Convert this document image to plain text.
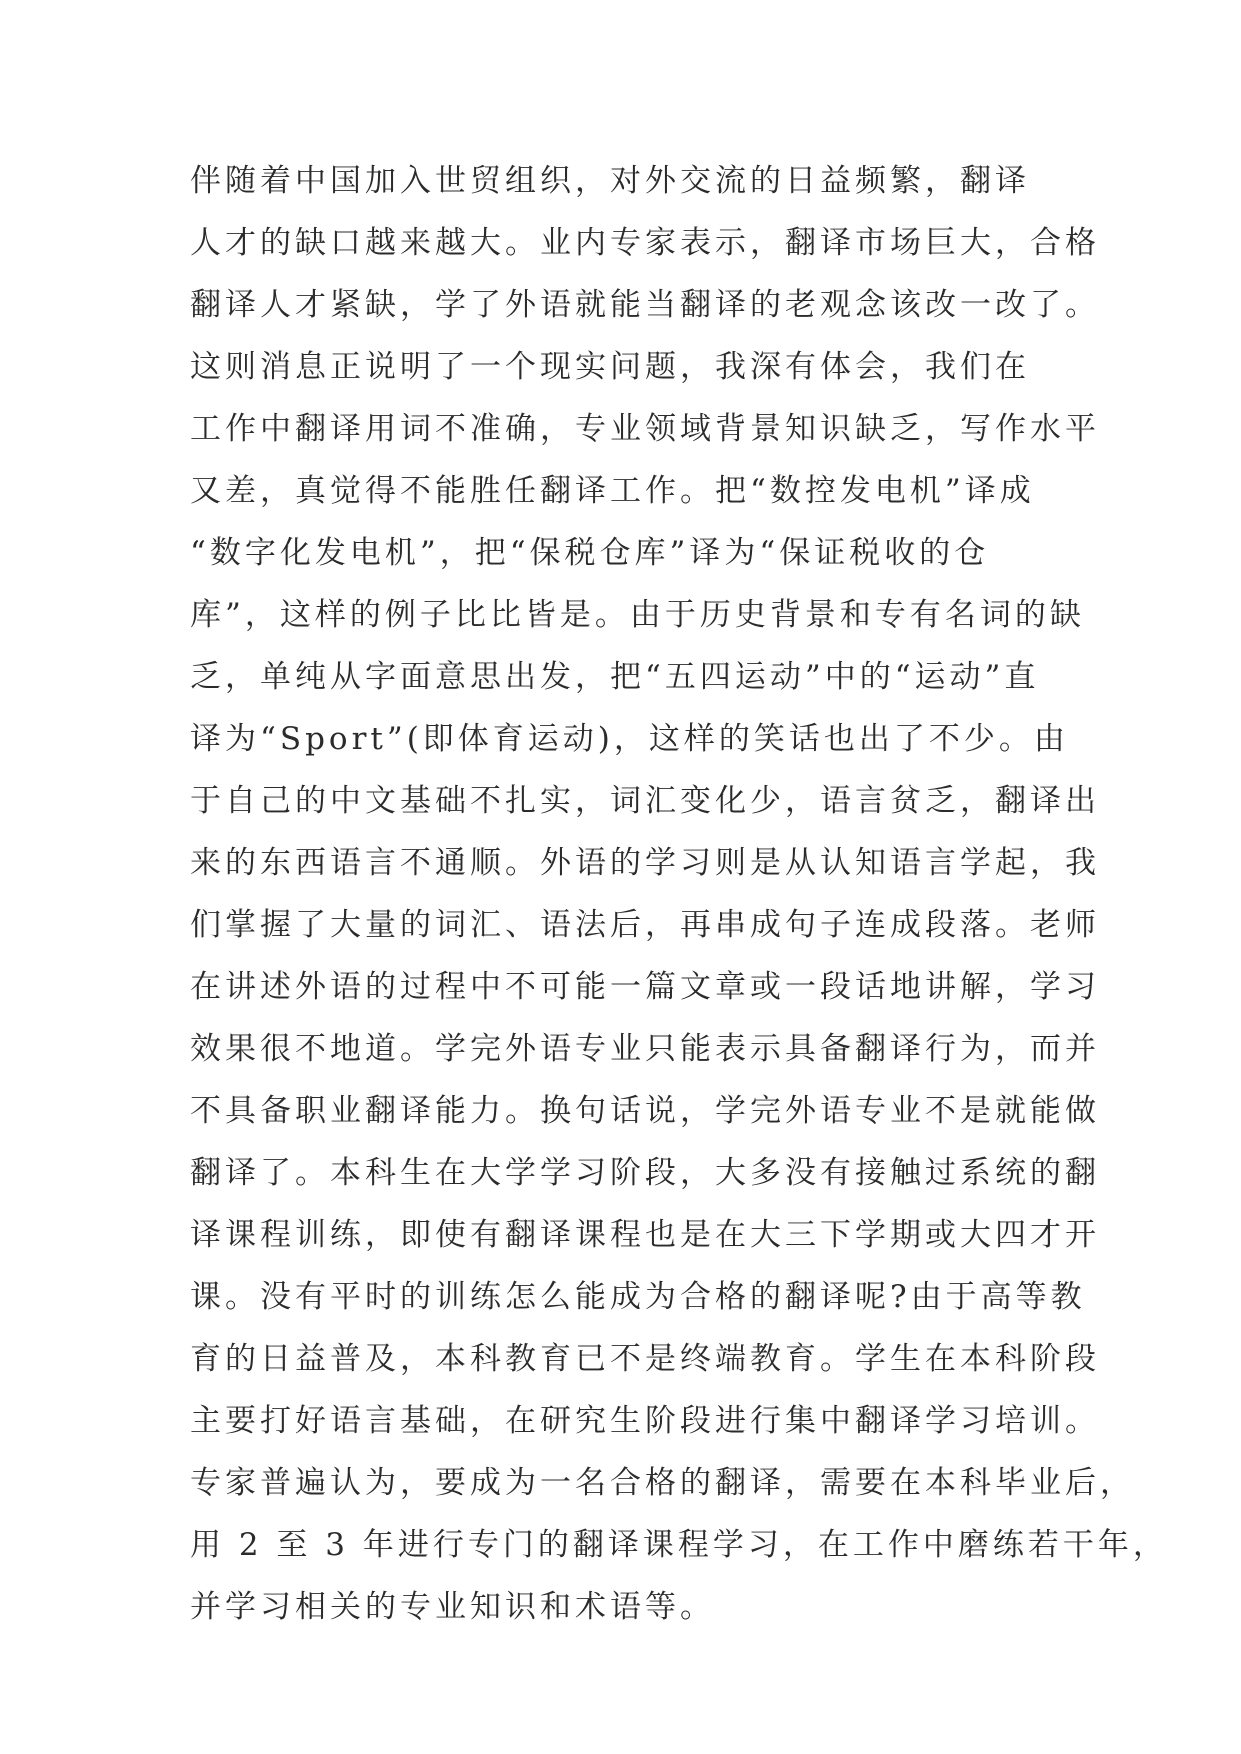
伴随着中国加入世贸组织，对外交流的日益频繁，翻译
人才的缺口越来越大。业内专家表示，翻译市场巨大，合格
翻译人才紧缺，学了外语就能当翻译的老观念该改一改了。
这则消息正说明了一个现实问题，我深有体会，我们在
工作中翻译用词不准确，专业领域背景知识缺乏，写作水平
又差，真觉得不能胜任翻译工作。把“数控发电机”译成
“数字化发电机”，把“保税仓库”译为“保证税收的仓
库”，这样的例子比比皆是。由于历史背景和专有名词的缺
乏，单纯从字面意思出发，把“五四运动”中的“运动”直
译为“Sport”(即体育运动)，这样的笑话也出了不少。由
于自己的中文基础不扎实，词汇变化少，语言贫乏，翻译出
来的东西语言不通顺。外语的学习则是从认知语言学起，我
们掌握了大量的词汇、语法后，再串成句子连成段落。老师
在讲述外语的过程中不可能一篇文章或一段话地讲解，学习
效果很不地道。学完外语专业只能表示具备翻译行为，而并
不具备职业翻译能力。换句话说，学完外语专业不是就能做
翻译了。本科生在大学学习阶段，大多没有接触过系统的翻
译课程训练，即使有翻译课程也是在大三下学期或大四才开
课。没有平时的训练怎么能成为合格的翻译呢?由于高等教
育的日益普及，本科教育已不是终端教育。学生在本科阶段
主要打好语言基础，在研究生阶段进行集中翻译学习培训。
专家普遍认为，要成为一名合格的翻译，需要在本科毕业后，
用 2 至 3 年进行专门的翻译课程学习，在工作中磨练若干年，
并学习相关的专业知识和术语等。
